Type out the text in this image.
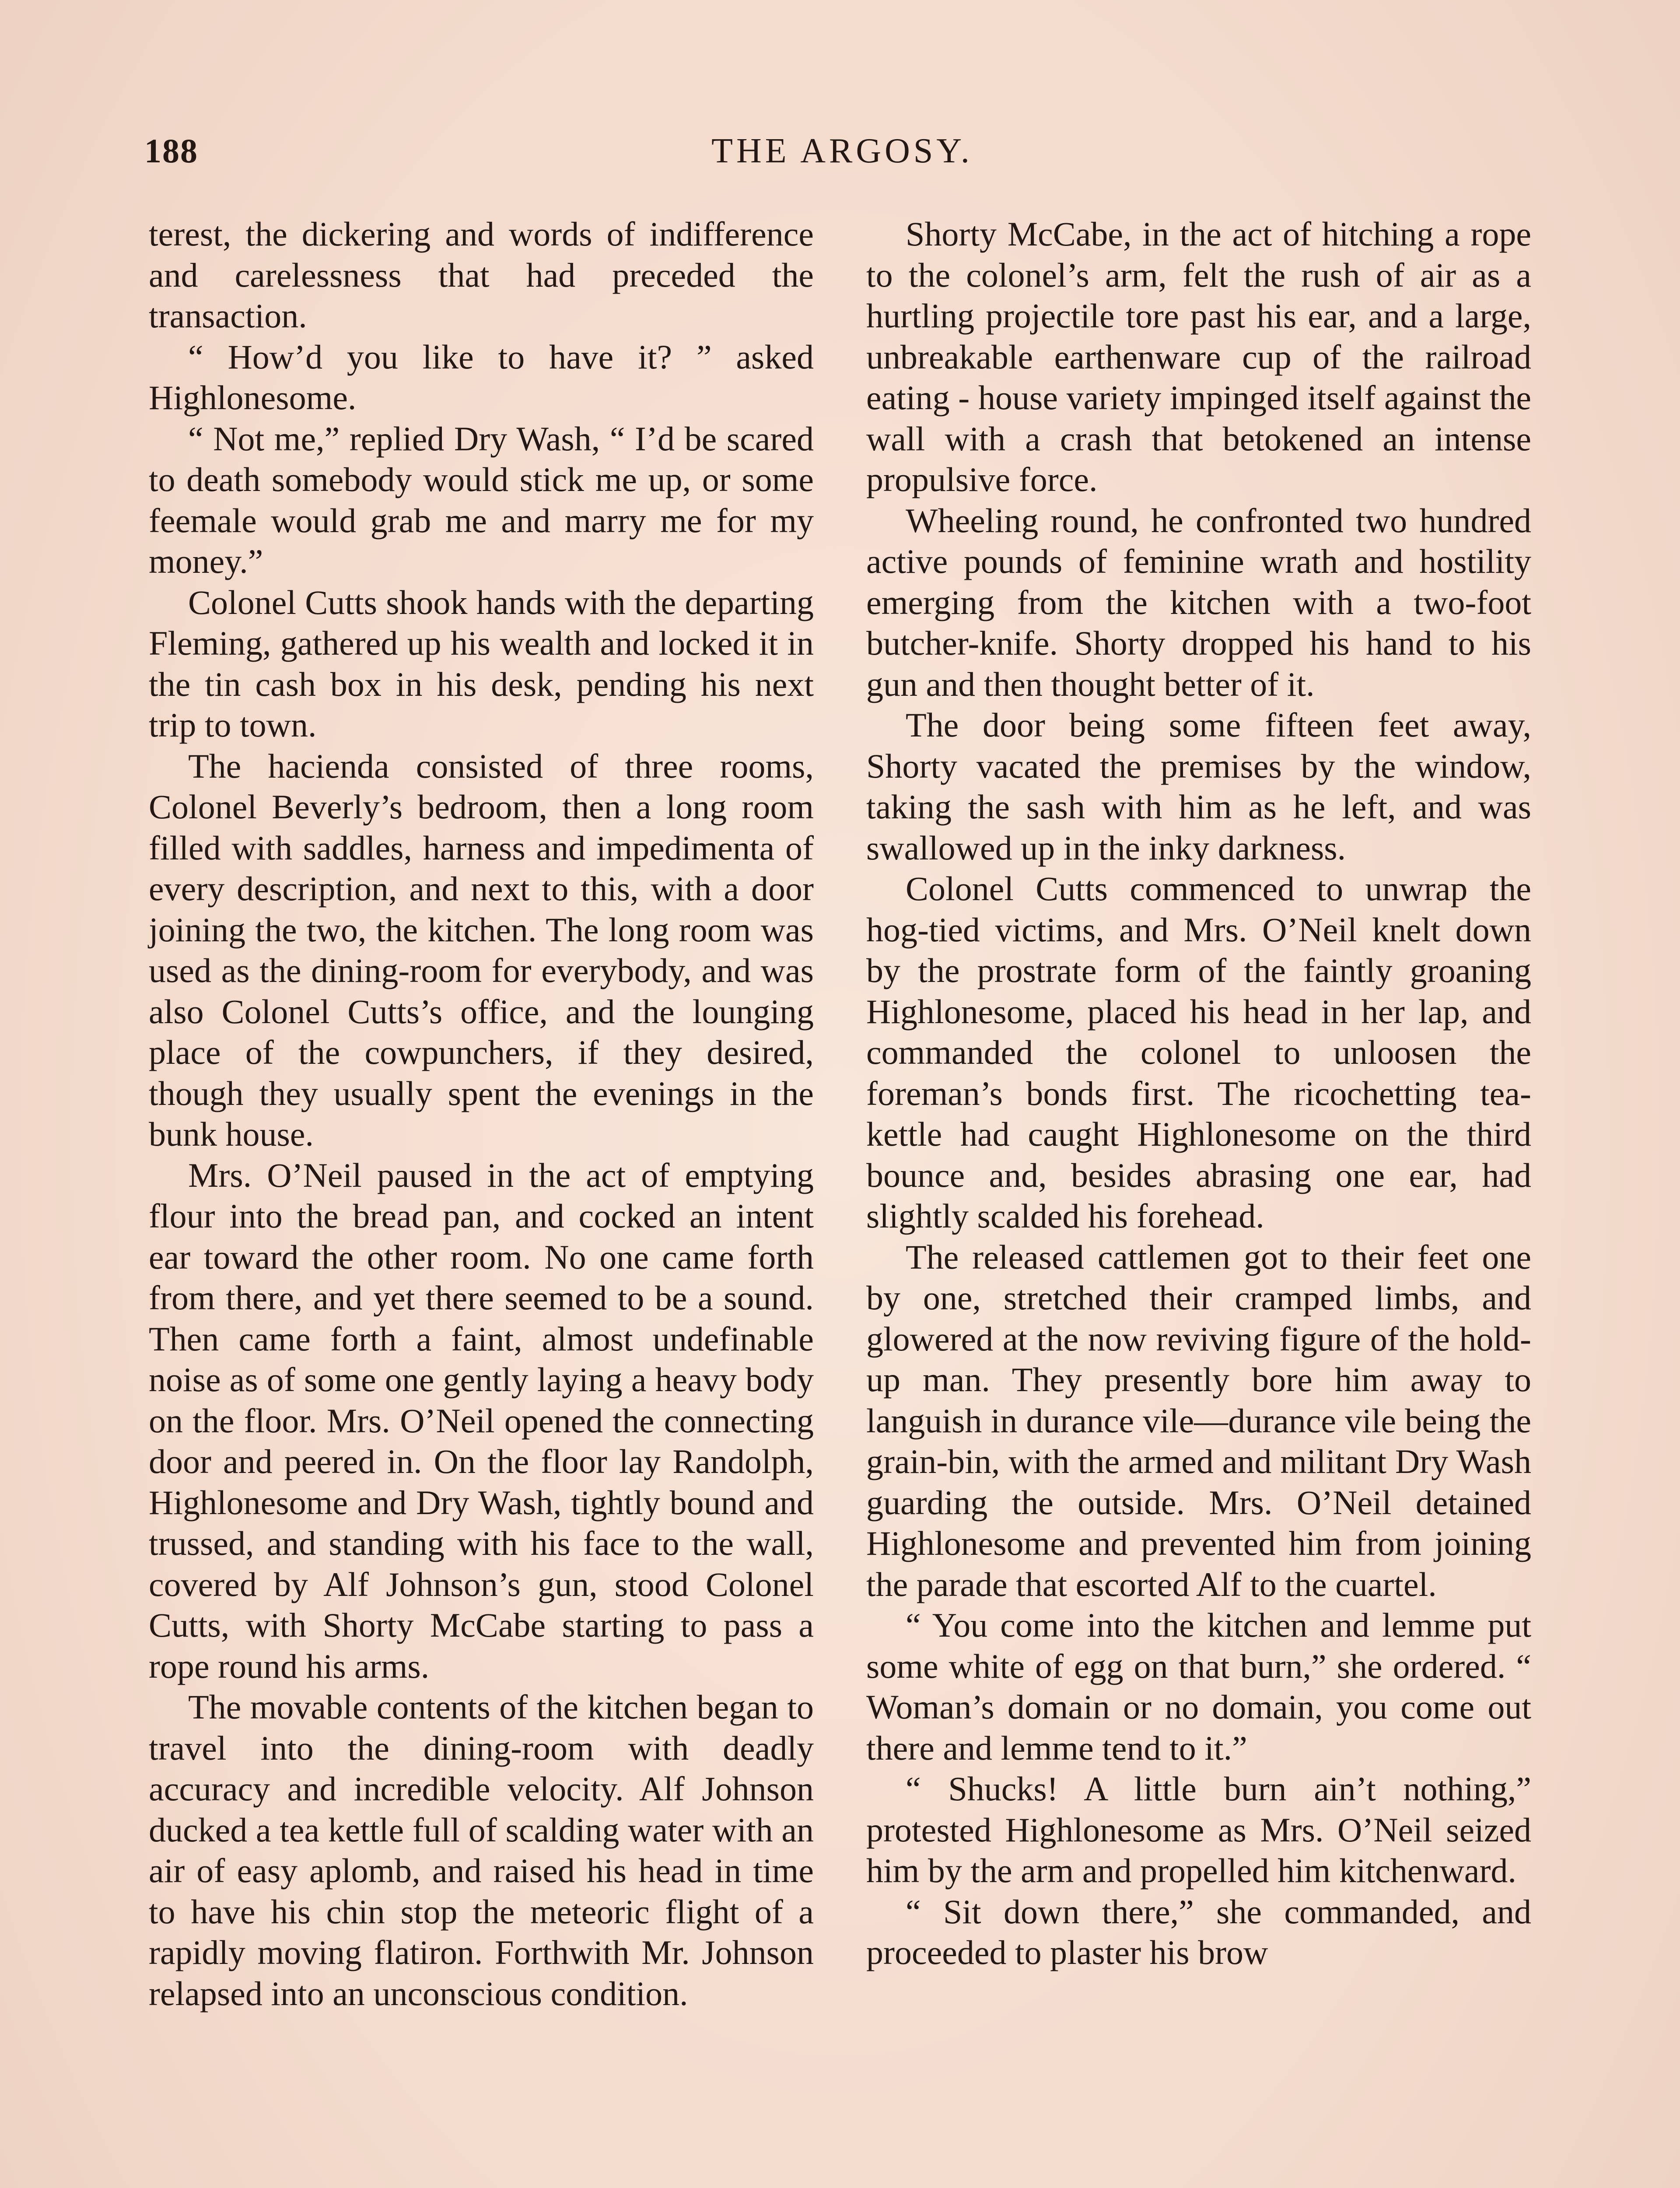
188	THE ARGOSY.

terest, the dickering and words of indifference and carelessness that had preceded the transaction.

“ How’d you like to have it? ” asked Highlonesome.

“ Not me,” replied Dry Wash, “ I’d be scared to death somebody would stick me up, or some feemale would grab me and marry me for my money.”

Colonel Cutts shook hands with the departing Fleming, gathered up his wealth and locked it in the tin cash box in his desk, pending his next trip to town.

The hacienda consisted of three rooms, Colonel Beverly’s bedroom, then a long room filled with saddles, harness and impedimenta of every description, and next to this, with a door joining the two, the kitchen. The long room was used as the dining-room for everybody, and was also Colonel Cutts’s office, and the lounging place of the cowpunchers, if they desired, though they usually spent the evenings in the bunk house.

Mrs. O’Neil paused in the act of emptying flour into the bread pan, and cocked an intent ear toward the other room. No one came forth from there, and yet there seemed to be a sound. Then came forth a faint, almost undefinable noise as of some one gently laying a heavy body on the floor. Mrs. O’Neil opened the connecting door and peered in. On the floor lay Randolph, Highlonesome and Dry Wash, tightly bound and trussed, and standing with his face to the wall, covered by Alf Johnson’s gun, stood Colonel Cutts, with Shorty McCabe starting to pass a rope round his arms.

The movable contents of the kitchen began to travel into the dining-room with deadly accuracy and incredible velocity. Alf Johnson ducked a tea kettle full of scalding water with an air of easy aplomb, and raised his head in time to have his chin stop the meteoric flight of a rapidly moving flatiron. Forthwith Mr. Johnson relapsed into an unconscious condition.

Shorty McCabe, in the act of hitching a rope to the colonel’s arm, felt the rush of air as a hurtling projectile tore past his ear, and a large, unbreakable earthenware cup of the railroad eating - house variety impinged itself against the wall with a crash that betokened an intense propulsive force.

Wheeling round, he confronted two hundred active pounds of feminine wrath and hostility emerging from the kitchen with a two-foot butcher-knife. Shorty dropped his hand to his gun and then thought better of it.

The door being some fifteen feet away, Shorty vacated the premises by the window, taking the sash with him as he left, and was swallowed up in the inky darkness.

Colonel Cutts commenced to unwrap the hog-tied victims, and Mrs. O’Neil knelt down by the prostrate form of the faintly groaning Highlonesome, placed his head in her lap, and commanded the colonel to unloosen the foreman’s bonds first. The ricochetting tea-kettle had caught Highlonesome on the third bounce and, besides abrasing one ear, had slightly scalded his forehead.

The released cattlemen got to their feet one by one, stretched their cramped limbs, and glowered at the now reviving figure of the hold-up man. They presently bore him away to languish in durance vile—durance vile being the grain-bin, with the armed and militant Dry Wash guarding the outside. Mrs. O’Neil detained Highlonesome and prevented him from joining the parade that escorted Alf to the cuartel.

“ You come into the kitchen and lemme put some white of egg on that burn,” she ordered. “ Woman’s domain or no domain, you come out there and lemme tend to it.”

“ Shucks! A little burn ain’t nothing,” protested Highlonesome as Mrs. O’Neil seized him by the arm and propelled him kitchenward.

“ Sit down there,” she commanded, and proceeded to plaster his brow
